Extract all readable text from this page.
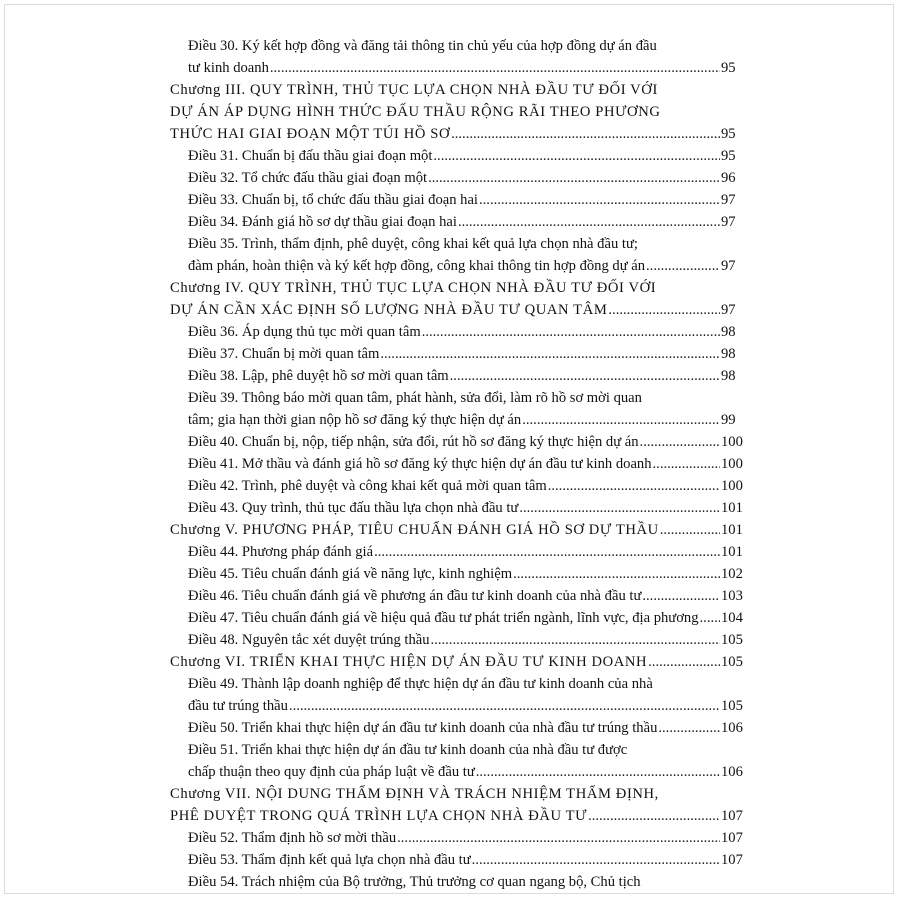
Điều 30. Ký kết hợp đồng và đăng tải thông tin chủ yếu của hợp đồng dự án đầu
tư kinh doanh .....	95
Chương III. QUY TRÌNH, THỦ TỤC LỰA CHỌN NHÀ ĐẦU TƯ ĐỐI VỚI
DỰ ÁN ÁP DỤNG HÌNH THỨC ĐẤU THẦU RỘNG RÃI THEO PHƯƠNG
THỨC HAI GIAI ĐOẠN MỘT TÚI HỒ SƠ .....	95
Điều 31. Chuẩn bị đấu thầu giai đoạn một .....	95
Điều 32. Tổ chức đấu thầu giai đoạn một .....	96
Điều 33. Chuẩn bị, tổ chức đấu thầu giai đoạn hai .....	97
Điều 34. Đánh giá hồ sơ dự thầu giai đoạn hai .....	97
Điều 35. Trình, thẩm định, phê duyệt, công khai kết quả lựa chọn nhà đầu tư;
đàm phán, hoàn thiện và ký kết hợp đồng, công khai thông tin hợp đồng dự án .....	97
Chương IV. QUY TRÌNH, THỦ TỤC LỰA CHỌN NHÀ ĐẦU TƯ ĐỐI VỚI
DỰ ÁN CẦN XÁC ĐỊNH SỐ LƯỢNG NHÀ ĐẦU TƯ QUAN TÂM .....	97
Điều 36. Áp dụng thủ tục mời quan tâm .....	98
Điều 37. Chuẩn bị mời quan tâm .....	98
Điều 38. Lập, phê duyệt hồ sơ mời quan tâm .....	98
Điều 39. Thông báo mời quan tâm, phát hành, sửa đổi, làm rõ hồ sơ mời quan
tâm; gia hạn thời gian nộp hồ sơ đăng ký thực hiện dự án .....	99
Điều 40. Chuẩn bị, nộp, tiếp nhận, sửa đổi, rút hồ sơ đăng ký thực hiện dự án .....	100
Điều 41. Mở thầu và đánh giá hồ sơ đăng ký thực hiện dự án đầu tư kinh doanh .....	100
Điều 42. Trình, phê duyệt và công khai kết quả mời quan tâm .....	100
Điều 43. Quy trình, thủ tục đấu thầu lựa chọn nhà đầu tư .....	101
Chương V. PHƯƠNG PHÁP, TIÊU CHUẨN ĐÁNH GIÁ HỒ SƠ DỰ THẦU .....	101
Điều 44. Phương pháp đánh giá .....	101
Điều 45. Tiêu chuẩn đánh giá về năng lực, kinh nghiệm .....	102
Điều 46. Tiêu chuẩn đánh giá về phương án đầu tư kinh doanh của nhà đầu tư .....	103
Điều 47. Tiêu chuẩn đánh giá về hiệu quả đầu tư phát triển ngành, lĩnh vực, địa phương ..... 104
Điều 48. Nguyên tắc xét duyệt trúng thầu .....	105
Chương VI. TRIỂN KHAI THỰC HIỆN DỰ ÁN ĐẦU TƯ KINH DOANH .....	105
Điều 49. Thành lập doanh nghiệp để thực hiện dự án đầu tư kinh doanh của nhà
đầu tư trúng thầu .....	105
Điều 50. Triển khai thực hiện dự án đầu tư kinh doanh của nhà đầu tư trúng thầu .....	106
Điều 51. Triển khai thực hiện dự án đầu tư kinh doanh của nhà đầu tư được
chấp thuận theo quy định của pháp luật về đầu tư .....	106
Chương VII. NỘI DUNG THẨM ĐỊNH VÀ TRÁCH NHIỆM THẨM ĐỊNH,
PHÊ DUYỆT TRONG QUÁ TRÌNH LỰA CHỌN NHÀ ĐẦU TƯ .....	107
Điều 52. Thẩm định hồ sơ mời thầu .....	107
Điều 53. Thẩm định kết quả lựa chọn nhà đầu tư .....	107
Điều 54. Trách nhiệm của Bộ trưởng, Thủ trưởng cơ quan ngang bộ, Chủ tịch
